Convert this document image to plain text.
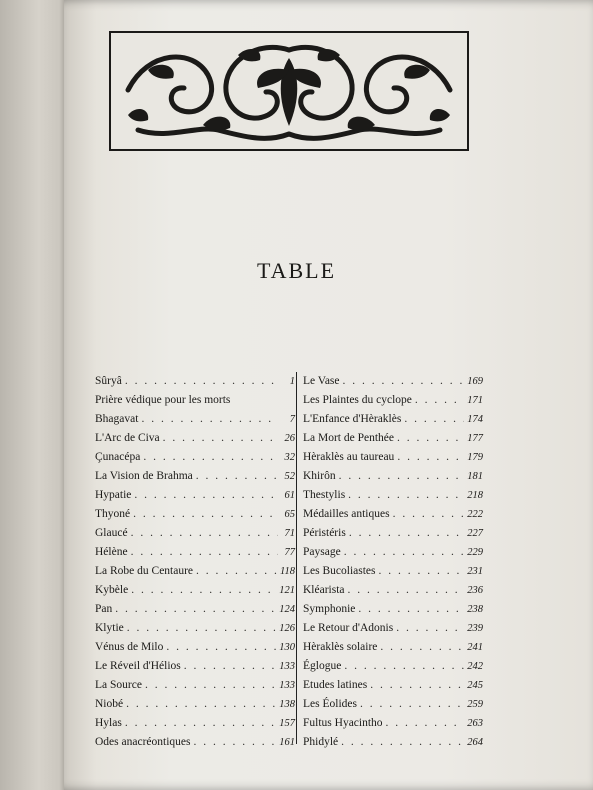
TABLE
Sûryâ . . .	1
Prière védique pour les morts
Bhagavat . . .	7
L'Arc de Civa . . .	26
Çunacépa . . .	32
La Vision de Brahma . . .	52
Hypatie . . .	61
Thyoné . . .	65
Glaucé . . .	71
Hélène . . .	77
La Robe du Centaure . . .	118
Kybèle . . .	121
Pan . . .	124
Klytie . . .	126
Vénus de Milo . . .	130
Le Réveil d'Hélios . . .	133
La Source . . .	133
Niobé . . .	138
Hylas . . .	157
Odes anacréontiques . . .	161
Le Vase . . .	169
Les Plaintes du cyclope . . .	171
L'Enfance d'Hèraklès . . .	174
La Mort de Penthée . . .	177
Hèraklès au taureau . . .	179
Khirôn . . .	181
Thestylis . . .	218
Médailles antiques . . .	222
Péristéris . . .	227
Paysage . . .	229
Les Bucoliastes . . .	231
Kléarista . . .	236
Symphonie . . .	238
Le Retour d'Adonis . . .	239
Hèraklès solaire . . .	241
Églogue . . .	242
Etudes latines . . .	245
Les Éolides . . .	259
Fultus Hyacintho . . .	263
Phidylé . . .	264
